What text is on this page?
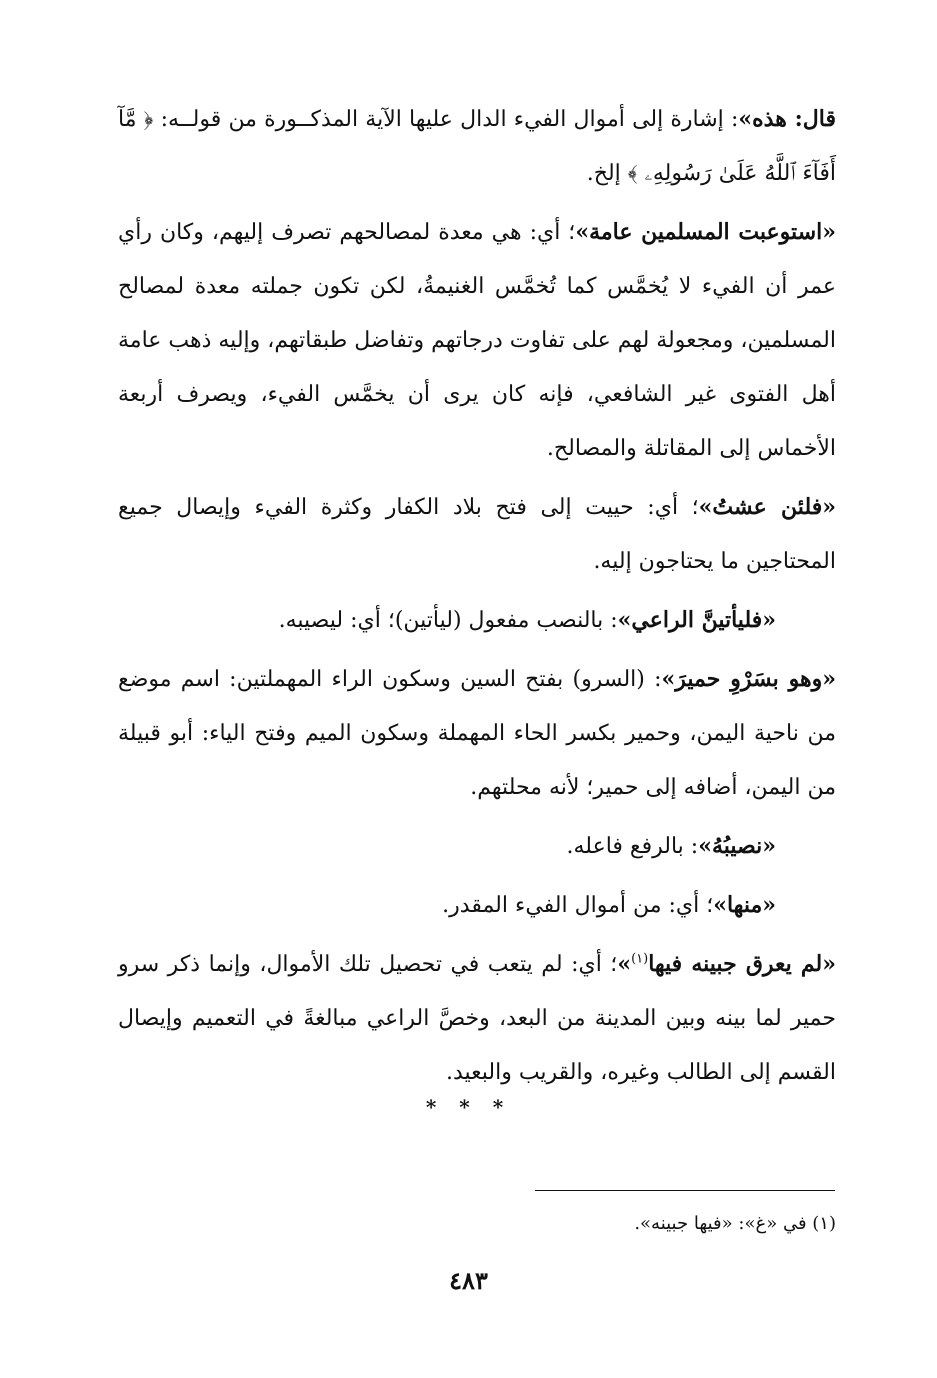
قال: هذه»: إشارة إلى أموال الفيء الدال عليها الآية المذكــورة من قولــه: ﴿ مَّآ أَفَآءَ ٱللَّهُ عَلَىٰ رَسُولِهِۦ ﴾ إلخ.

«استوعبت المسلمين عامة»؛ أي: هي معدة لمصالحهم تصرف إليهم، وكان رأي عمر أن الفيء لا يُخمَّس كما تُخمَّس الغنيمةُ، لكن تكون جملته معدة لمصالح المسلمين، ومجعولة لهم على تفاوت درجاتهم وتفاضل طبقاتهم، وإليه ذهب عامة أهل الفتوى غير الشافعي، فإنه كان يرى أن يخمَّس الفيء، ويصرف أربعة الأخماس إلى المقاتلة والمصالح.

«فلئن عشتُ»؛ أي: حييت إلى فتح بلاد الكفار وكثرة الفيء وإيصال جميع المحتاجين ما يحتاجون إليه.

«فليأتينَّ الراعي»: بالنصب مفعول (ليأتين)؛ أي: ليصيبه.

«وهو بسَرْوِ حميرَ»: (السرو) بفتح السين وسكون الراء المهملتين: اسم موضع من ناحية اليمن، وحمير بكسر الحاء المهملة وسكون الميم وفتح الياء: أبو قبيلة من اليمن، أضافه إلى حمير؛ لأنه محلتهم.

«نصيبُهُ»: بالرفع فاعله.

«منها»؛ أي: من أموال الفيء المقدر.

«لم يعرق جبينه فيها$^{(١)}$»؛ أي: لم يتعب في تحصيل تلك الأموال، وإنما ذكر سرو حمير لما بينه وبين المدينة من البعد، وخصَّ الراعي مبالغةً في التعميم وإيصال القسم إلى الطالب وغيره، والقريب والبعيد.

* * *
(١) في «غ»: «فيها جبينه».
٤٨٣
